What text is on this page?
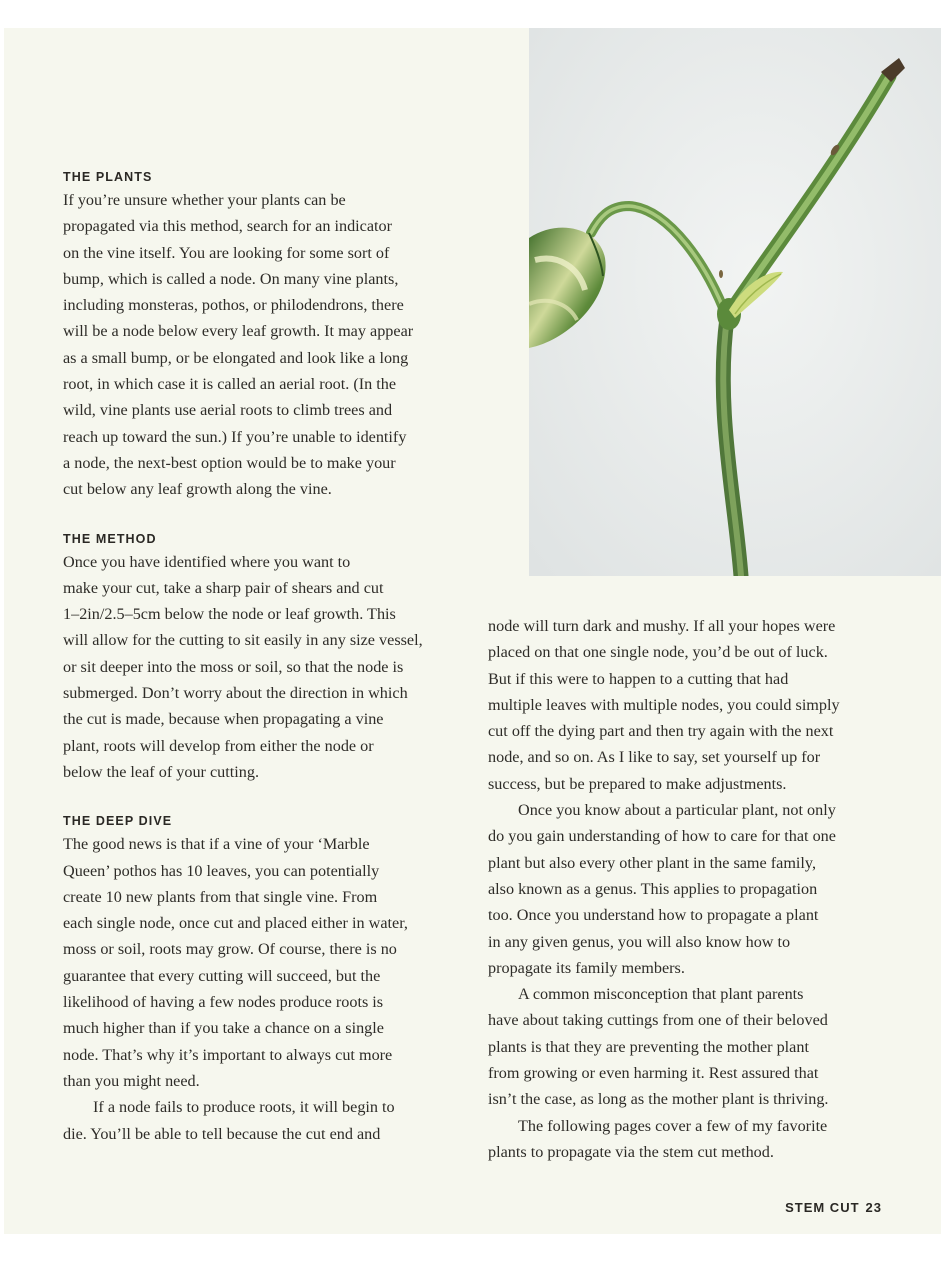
THE PLANTS

If you’re unsure whether your plants can be
propagated via this method, search for an indicator
on the vine itself. You are looking for some sort of
bump, which is called a node. On many vine plants,
including monsteras, pothos, or philodendrons, there
will be a node below every leaf growth. It may appear
as a small bump, or be elongated and look like a long
root, in which case it is called an aerial root. (In the
wild, vine plants use aerial roots to climb trees and
reach up toward the sun.) If you’re unable to identify
a node, the next-best option would be to make your
cut below any leaf growth along the vine.

THE METHOD

Once you have identified where you want to
make your cut, take a sharp pair of shears and cut
1–2in/2.5–5cm below the node or leaf growth. This
will allow for the cutting to sit easily in any size vessel,
or sit deeper into the moss or soil, so that the node is
submerged. Don’t worry about the direction in which
the cut is made, because when propagating a vine
plant, roots will develop from either the node or
below the leaf of your cutting.

THE DEEP DIVE

The good news is that if a vine of your ‘Marble
Queen’ pothos has 10 leaves, you can potentially
create 10 new plants from that single vine. From
each single node, once cut and placed either in water,
moss or soil, roots may grow. Of course, there is no
guarantee that every cutting will succeed, but the
likelihood of having a few nodes produce roots is
much higher than if you take a chance on a single
node. That’s why it’s important to always cut more
than you might need.

If a node fails to produce roots, it will begin to
die. You’ll be able to tell because the cut end and

node will turn dark and mushy. If all your hopes were
placed on that one single node, you’d be out of luck.
But if this were to happen to a cutting that had
multiple leaves with multiple nodes, you could simply
cut off the dying part and then try again with the next
node, and so on. As I like to say, set yourself up for
success, but be prepared to make adjustments.

Once you know about a particular plant, not only
do you gain understanding of how to care for that one
plant but also every other plant in the same family,
also known as a genus. This applies to propagation
too. Once you understand how to propagate a plant
in any given genus, you will also know how to
propagate its family members.

A common misconception that plant parents
have about taking cuttings from one of their beloved
plants is that they are preventing the mother plant
from growing or even harming it. Rest assured that
isn’t the case, as long as the mother plant is thriving.

The following pages cover a few of my favorite
plants to propagate via the stem cut method.

STEM CUT 23
